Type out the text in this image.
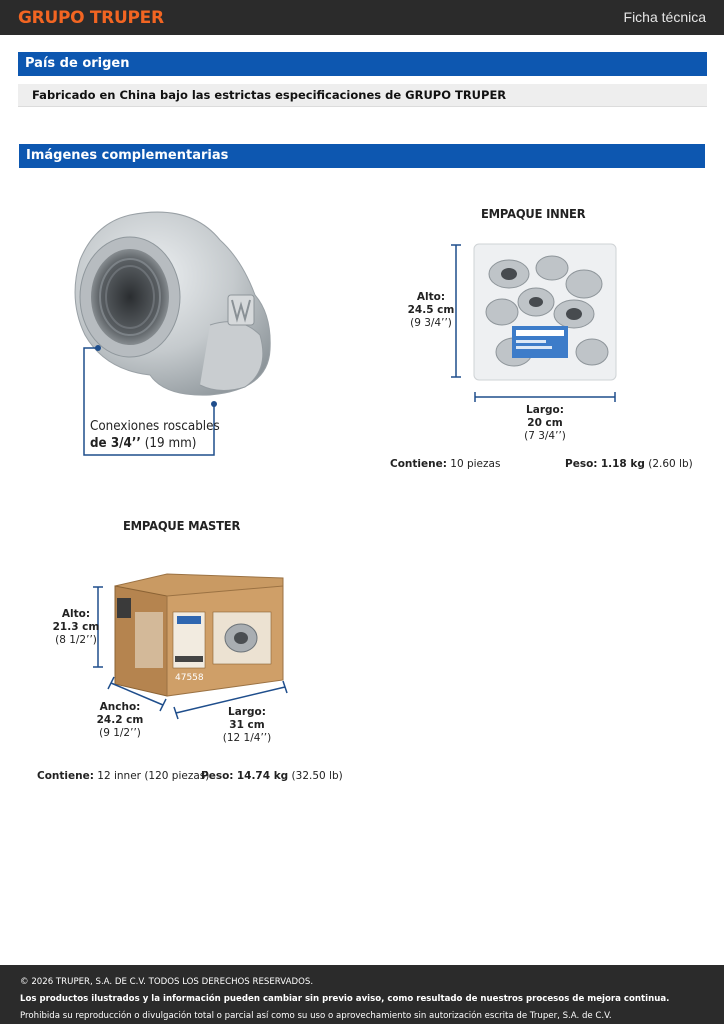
GRUPO TRUPER	Ficha técnica
País de origen
Fabricado en China bajo las estrictas especificaciones de GRUPO TRUPER
Imágenes complementarias
Conexiones roscables
de 3/4’’ (19 mm)
EMPAQUE INNER
Alto:
24.5 cm
(9 3/4’’)
Largo:
20 cm
(7 3/4’’)
Contiene: 10 piezas	Peso: 1.18 kg (2.60 lb)
EMPAQUE MASTER
47558
Alto:
21.3 cm
(8 1/2’’)
Ancho:
24.2 cm
(9 1/2’’)
Largo:
31 cm
(12 1/4’’)
Contiene: 12 inner (120 piezas)
Peso: 14.74 kg (32.50 lb)
© 2026 TRUPER, S.A. DE C.V. TODOS LOS DERECHOS RESERVADOS.
Los productos ilustrados y la información pueden cambiar sin previo aviso, como resultado de nuestros procesos de mejora continua.
Prohibida su reproducción o divulgación total o parcial así como su uso o aprovechamiento sin autorización escrita de Truper, S.A. de C.V.
